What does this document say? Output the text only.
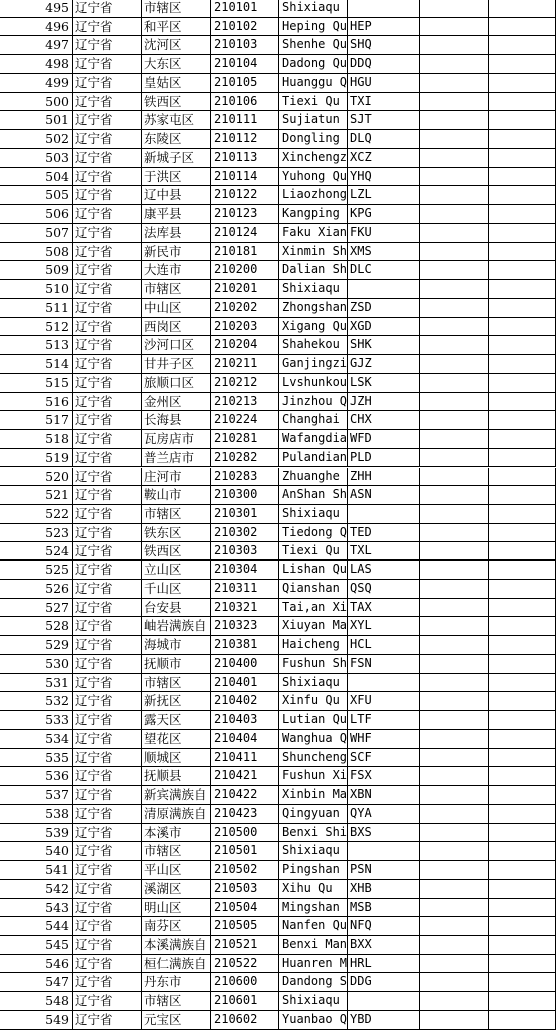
495 辽宁省	市辖区	210101	Shixiaqu
496 辽宁省	和平区	210102	Heping Qu HEP
497 辽宁省	沈河区	210103	Shenhe Qu SHQ
498 辽宁省	大东区	210104	Dadong Qu DDQ
499 辽宁省	皇姑区	210105	Huanggu Q HGU
500 辽宁省	铁西区	210106	Tiexi Qu TXI
501 辽宁省	苏家屯区	210111	Sujiatun SJT
502 辽宁省	东陵区	210112	Dongling DLQ
503 辽宁省	新城子区	210113	Xinchengz XCZ
504 辽宁省	于洪区	210114	Yuhong Qu YHQ
505 辽宁省	辽中县	210122	Liaozhong LZL
506 辽宁省	康平县	210123	Kangping KPG
507 辽宁省	法库县	210124	Faku Xian FKU
508 辽宁省	新民市	210181	Xinmin Sh XMS
509 辽宁省	大连市	210200	Dalian Sh DLC
510 辽宁省	市辖区	210201	Shixiaqu
511 辽宁省	中山区	210202	Zhongshan ZSD
512 辽宁省	西岗区	210203	Xigang Qu XGD
513 辽宁省	沙河口区	210204	Shahekou SHK
514 辽宁省	甘井子区	210211	Ganjingzi GJZ
515 辽宁省	旅顺口区	210212	Lvshunkou LSK
516 辽宁省	金州区	210213	Jinzhou Q JZH
517 辽宁省	长海县	210224	Changhai CHX
518 辽宁省	瓦房店市	210281	Wafangdia WFD
519 辽宁省	普兰店市	210282	Pulandian PLD
520 辽宁省	庄河市	210283	Zhuanghe ZHH
521 辽宁省	鞍山市	210300	AnShan Sh ASN
522 辽宁省	市辖区	210301	Shixiaqu
523 辽宁省	铁东区	210302	Tiedong Q TED
524 辽宁省	铁西区	210303	Tiexi Qu TXL
525 辽宁省	立山区	210304	Lishan Qu LAS
526 辽宁省	千山区	210311	Qianshan QSQ
527 辽宁省	台安县	210321	Tai,an Xi TAX
528 辽宁省	岫岩满族自 210323	Xiuyan Ma XYL
529 辽宁省	海城市	210381	Haicheng HCL
530 辽宁省	抚顺市	210400	Fushun Sh FSN
531 辽宁省	市辖区	210401	Shixiaqu
532 辽宁省	新抚区	210402	Xinfu Qu XFU
533 辽宁省	露天区	210403	Lutian Qu LTF
534 辽宁省	望花区	210404	Wanghua Q WHF
535 辽宁省	顺城区	210411	Shuncheng SCF
536 辽宁省	抚顺县	210421	Fushun Xi FSX
537 辽宁省	新宾满族自 210422	Xinbin Ma XBN
538 辽宁省	清原满族自 210423	Qingyuan QYA
539 辽宁省	本溪市	210500	Benxi Shi BXS
540 辽宁省	市辖区	210501	Shixiaqu
541 辽宁省	平山区	210502	Pingshan PSN
542 辽宁省	溪湖区	210503	Xihu Qu	XHB
543 辽宁省	明山区	210504	Mingshan MSB
544 辽宁省	南芬区	210505	Nanfen Qu NFQ
545 辽宁省	本溪满族自 210521	Benxi Man BXX
546 辽宁省	桓仁满族自 210522	Huanren M HRL
547 辽宁省	丹东市	210600	Dandong S DDG
548 辽宁省	市辖区	210601	Shixiaqu
549 辽宁省	元宝区	210602	Yuanbao Q YBD
